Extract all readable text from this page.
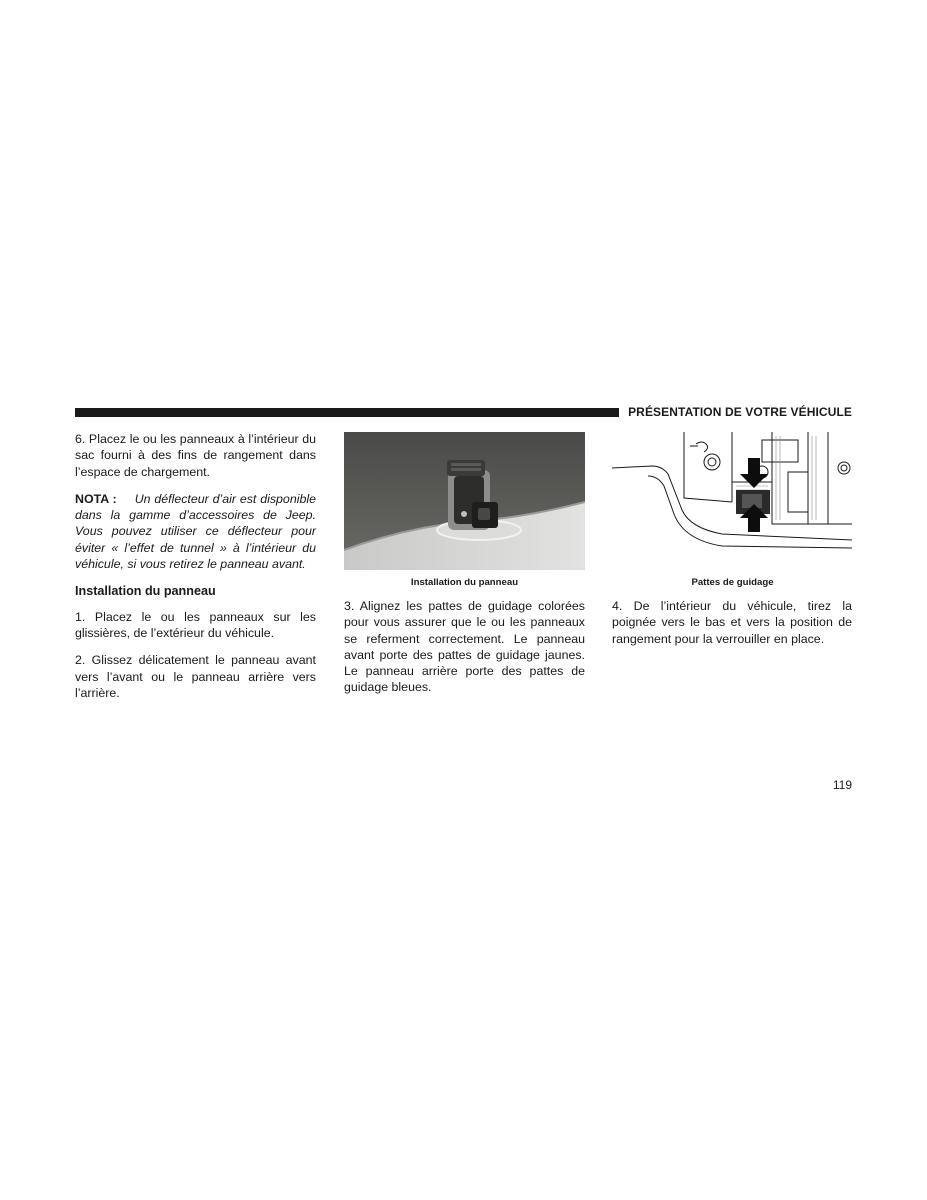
PRÉSENTATION DE VOTRE VÉHICULE

6. Placez le ou les panneaux à l’intérieur du sac fourni à des fins de rangement dans l’espace de chargement.

NOTA : Un déflecteur d’air est disponible dans la gamme d’accessoires de Jeep. Vous pouvez utiliser ce déflecteur pour éviter « l’effet de tunnel » à l’intérieur du véhicule, si vous retirez le panneau avant.

Installation du panneau

1. Placez le ou les panneaux sur les glissières, de l’extérieur du véhicule.

2. Glissez délicatement le panneau avant vers l’avant ou le panneau arrière vers l’arrière.

Installation du panneau	Pattes de guidage

3. Alignez les pattes de guidage colorées pour vous assurer que le ou les panneaux se referment correctement. Le panneau avant porte des pattes de guidage jaunes. Le panneau arrière porte des pattes de guidage bleues.

4. De l’intérieur du véhicule, tirez la poignée vers le bas et vers la position de rangement pour la verrouiller en place.

119
